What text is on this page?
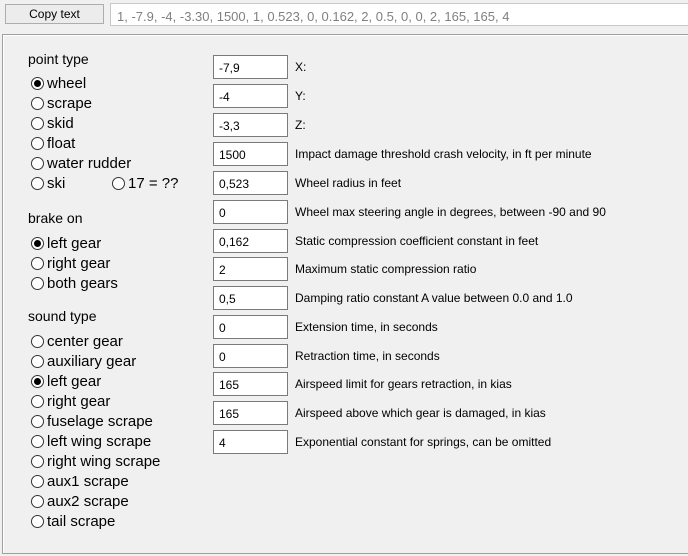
Copy text
1, -7.9, -4, -3.30, 1500, 1, 0.523, 0, 0.162, 2, 0.5, 0, 0, 2, 165, 165, 4
point type
wheel
scrape
skid
float
water rudder
ski	17 = ??
brake on
left gear
right gear
both gears
sound type
center gear
auxiliary gear
left gear
right gear
fuselage scrape
left wing scrape
right wing scrape
aux1 scrape
aux2 scrape
tail scrape
-7,9
X:
-4
Y:
-3,3
Z:
1500
Impact damage threshold crash velocity, in ft per minute
0,523
Wheel radius in feet
0
Wheel max steering angle in degrees, between -90 and 90
0,162
Static compression coefficient constant in feet
2
Maximum static compression ratio
0,5
Damping ratio constant A value between 0.0 and 1.0
0
Extension time, in seconds
0
Retraction time, in seconds
165
Airspeed limit for gears retraction, in kias
165
Airspeed above which gear is damaged, in kias
4
Exponential constant for springs, can be omitted
